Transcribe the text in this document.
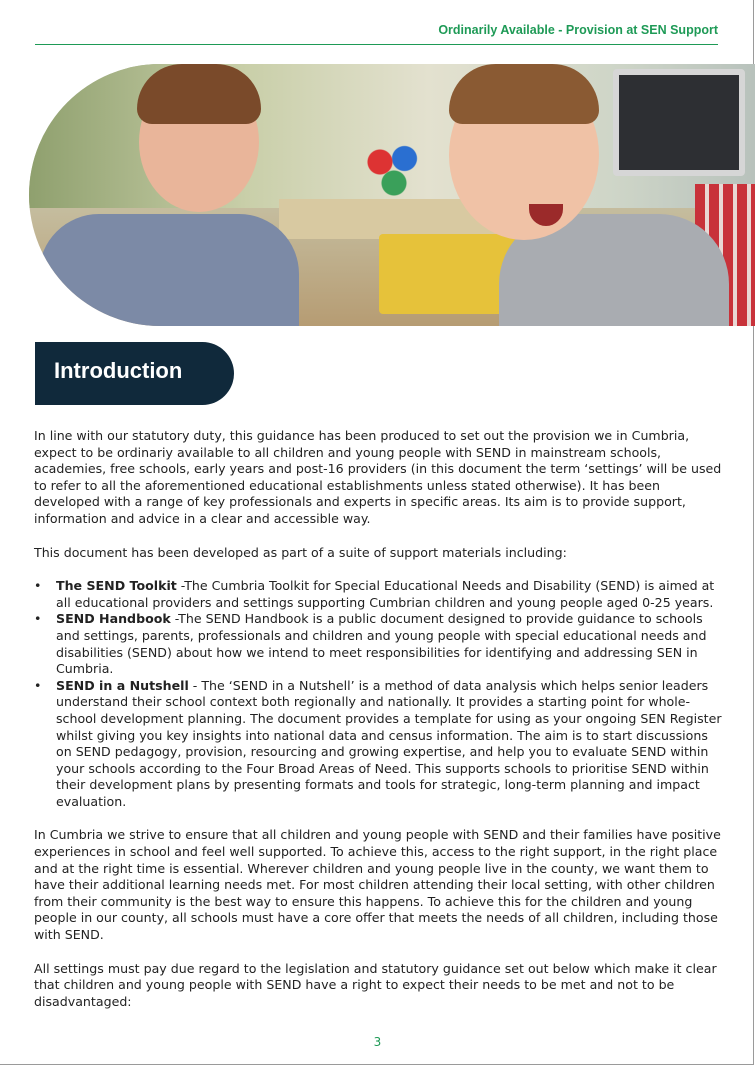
Ordinarily Available - Provision at SEN Support
Introduction

In line with our statutory duty, this guidance has been produced to set out the provision we in Cumbria, expect to be ordinariy available to all children and young people with SEND in mainstream schools, academies, free schools, early years and post-16 providers (in this document the term ‘settings’ will be used to refer to all the aforementioned educational establishments unless stated otherwise). It has been developed with a range of key professionals and experts in specific areas. Its aim is to provide support, information and advice in a clear and accessible way.

This document has been developed as part of a suite of support materials including:

• The SEND Toolkit -The Cumbria Toolkit for Special Educational Needs and Disability (SEND) is aimed at all educational providers and settings supporting Cumbrian children and young people aged 0-25 years.
• SEND Handbook -The SEND Handbook is a public document designed to provide guidance to schools and settings, parents, professionals and children and young people with special educational needs and disabilities (SEND) about how we intend to meet responsibilities for identifying and addressing SEN in Cumbria.
• SEND in a Nutshell - The ‘SEND in a Nutshell’ is a method of data analysis which helps senior leaders understand their school context both regionally and nationally. It provides a starting point for whole-school development planning. The document provides a template for using as your ongoing SEN Register whilst giving you key insights into national data and census information. The aim is to start discussions on SEND pedagogy, provision, resourcing and growing expertise, and help you to evaluate SEND within your schools according to the Four Broad Areas of Need. This supports schools to prioritise SEND within their development plans by presenting formats and tools for strategic, long-term planning and impact evaluation.

In Cumbria we strive to ensure that all children and young people with SEND and their families have positive experiences in school and feel well supported. To achieve this, access to the right support, in the right place and at the right time is essential. Wherever children and young people live in the county, we want them to have their additional learning needs met. For most children attending their local setting, with other children from their community is the best way to ensure this happens. To achieve this for the children and young people in our county, all schools must have a core offer that meets the needs of all children, including those with SEND.

All settings must pay due regard to the legislation and statutory guidance set out below which make it clear that children and young people with SEND have a right to expect their needs to be met and not to be disadvantaged:

3
